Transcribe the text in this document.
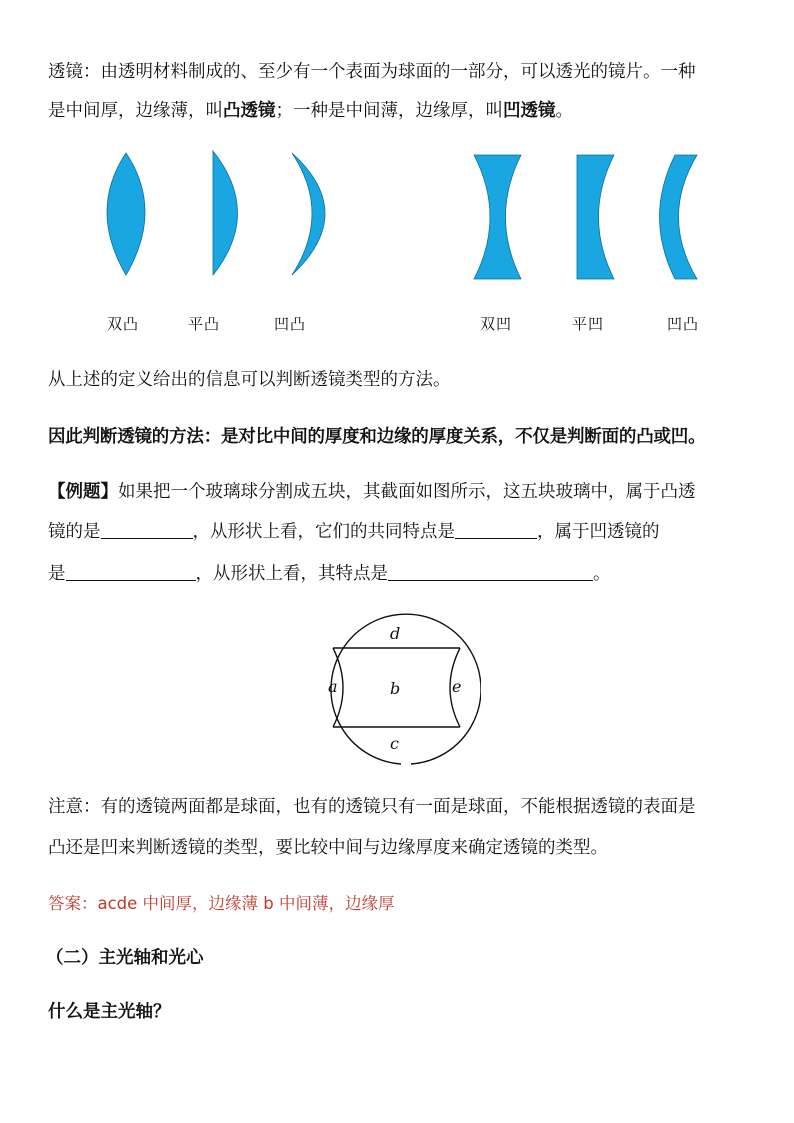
透镜：由透明材料制成的、至少有一个表面为球面的一部分，可以透光的镜片。一种
是中间厚，边缘薄，叫凸透镜；一种是中间薄，边缘厚，叫凹透镜。
双凸	平凸	凹凸	双凹	平凹	凹凸
从上述的定义给出的信息可以判断透镜类型的方法。
因此判断透镜的方法：是对比中间的厚度和边缘的厚度关系，不仅是判断面的凸或凹。
【例题】如果把一个玻璃球分割成五块，其截面如图所示，这五块玻璃中，属于凸透
镜的是	，从形状上看，它们的共同特点是	，属于凹透镜的
是	，从形状上看，其特点是	。
d
a	b	e
c
注意：有的透镜两面都是球面，也有的透镜只有一面是球面，不能根据透镜的表面是
凸还是凹来判断透镜的类型，要比较中间与边缘厚度来确定透镜的类型。
答案：acde 中间厚，边缘薄 b 中间薄，边缘厚
（二）主光轴和光心
什么是主光轴？
